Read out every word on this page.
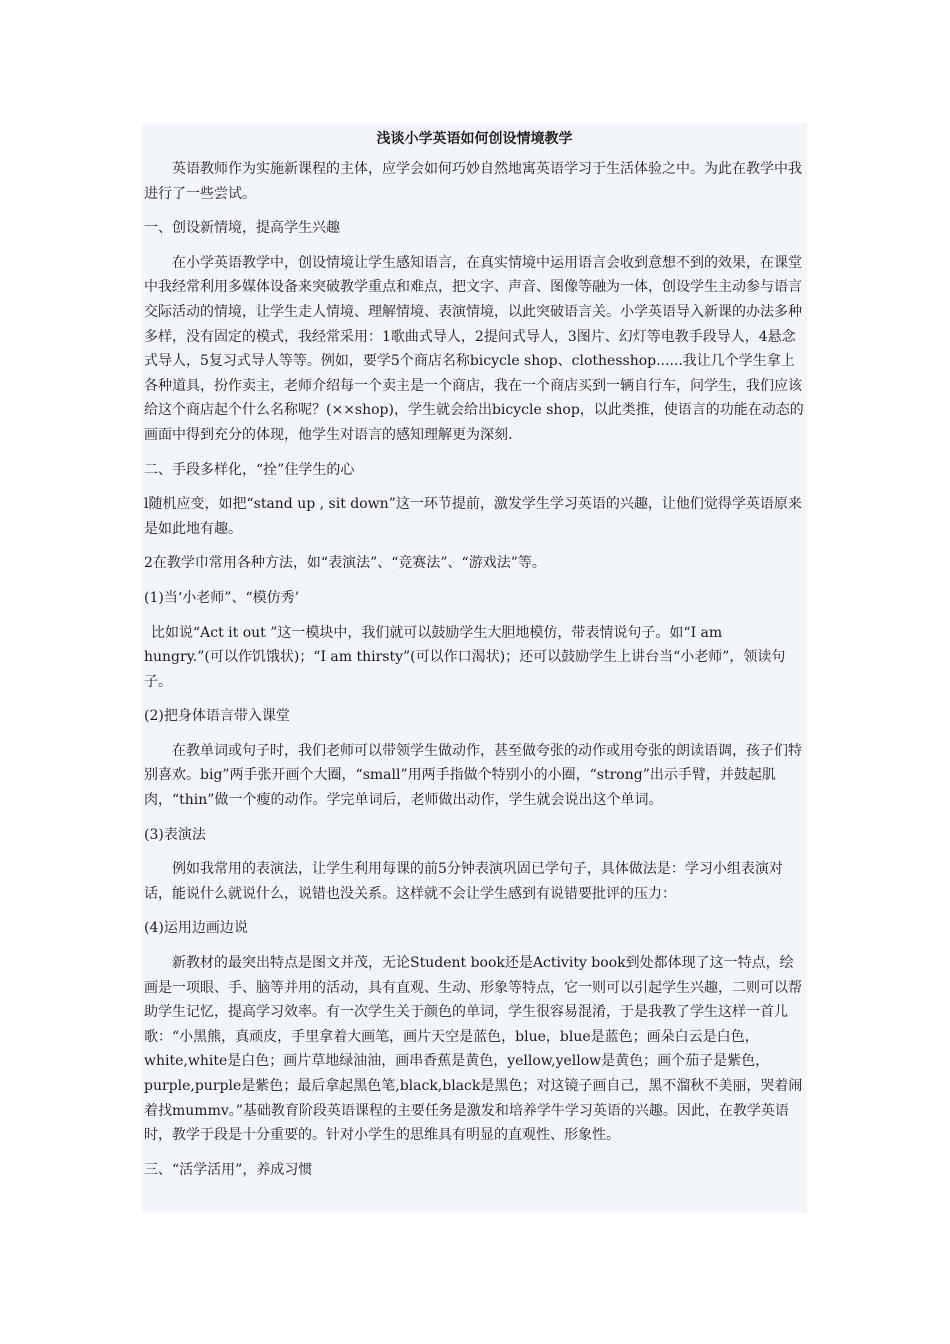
浅谈小学英语如何创设情境教学

英语教师作为实施新课程的主体，应学会如何巧妙自然地寓英语学习于生活体验之中。为此在教学中我进行了一些尝试。

一、创设新情境，提高学生兴趣

在小学英语教学中，创设情境让学生感知语言，在真实情境中运用语言会收到意想不到的效果，在课堂中我经常利用多媒体设备来突破教学重点和难点，把文字、声音、图像等融为一体，创设学生主动参与语言交际活动的情境，让学生走人情境、理解情境、表演情境，以此突破语言关。小学英语导入新课的办法多种多样，没有固定的模式，我经常采用：1歌曲式导人，2提问式导人，3图片、幻灯等电教手段导人，4悬念式导人，5复习式导人等等。例如，要学5个商店名称bicycle shop、clothesshop......我让几个学生拿上各种道具，扮作卖主，老师介绍每一个卖主是一个商店，我在一个商店买到一辆自行车，问学生，我们应该给这个商店起个什么名称呢？(××shop)，学生就会给出bicycle shop，以此类推，使语言的功能在动态的画面中得到充分的体现，他学生对语言的感知理解更为深刻.

二、手段多样化，“拴”住学生的心

l随机应变，如把“stand up , sit down”这一环节提前，激发学生学习英语的兴趣，让他们觉得学英语原来是如此地有趣。

2在教学巾常用各种方法，如“表演法”、“竞赛法”、“游戏法”等。

(1)当‘小老师”、“模仿秀’

比如说“Act it out ”这一模块中，我们就可以鼓励学生大胆地模仿，带表情说句子。如“I am hungry.”(可以作饥饿状)；“I am thirsty”(可以作口渴状)；还可以鼓励学生上讲台当“小老师”，领读句子。

(2)把身体语言带入课堂

在教单词或句子时，我们老师可以带领学生做动作，甚至做夸张的动作或用夸张的朗读语调，孩子们特别喜欢。big”两手张开画个大圈，“small”用两手指做个特别小的小圈，“strong”出示手臂，并鼓起肌肉，“thin”做一个瘦的动作。学完单词后，老师做出动作，学生就会说出这个单词。

(3)表演法

例如我常用的表演法，让学生利用每课的前5分钟表演巩固已学句子，具体做法是：学习小组表演对话，能说什么就说什么，说错也没关系。这样就不会让学生感到有说错要批评的压力：

(4)运用边画边说

新教材的最突出特点是图文并茂，无论Student book还是Activity book到处都体现了这一特点，绘画是一项眼、手、脑等并用的活动，具有直观、生动、形象等特点，它一则可以引起学生兴趣，二则可以帮助学生记忆，提高学习效率。有一次学生关于颜色的单词，学生很容易混淆，于是我教了学生这样一首儿歌：“小黑熊，真顽皮，手里拿着大画笔，画片天空是蓝色，blue，blue是蓝色；画朵白云是白色，white,white是白色；画片草地绿油油，画串香蕉是黄色，yellow,yellow是黄色；画个茄子是紫色，purple,purple是紫色；最后拿起黑色笔,black,black是黑色；对这镜子画自己，黑不溜秋不美丽，哭着闹着找mummv。”基础教育阶段英语课程的主要任务是激发和培养学牛学习英语的兴趣。因此，在教学英语时，教学于段是十分重要的。针对小学生的思维具有明显的直观性、形象性。

三、“活学活用”，养成习惯
